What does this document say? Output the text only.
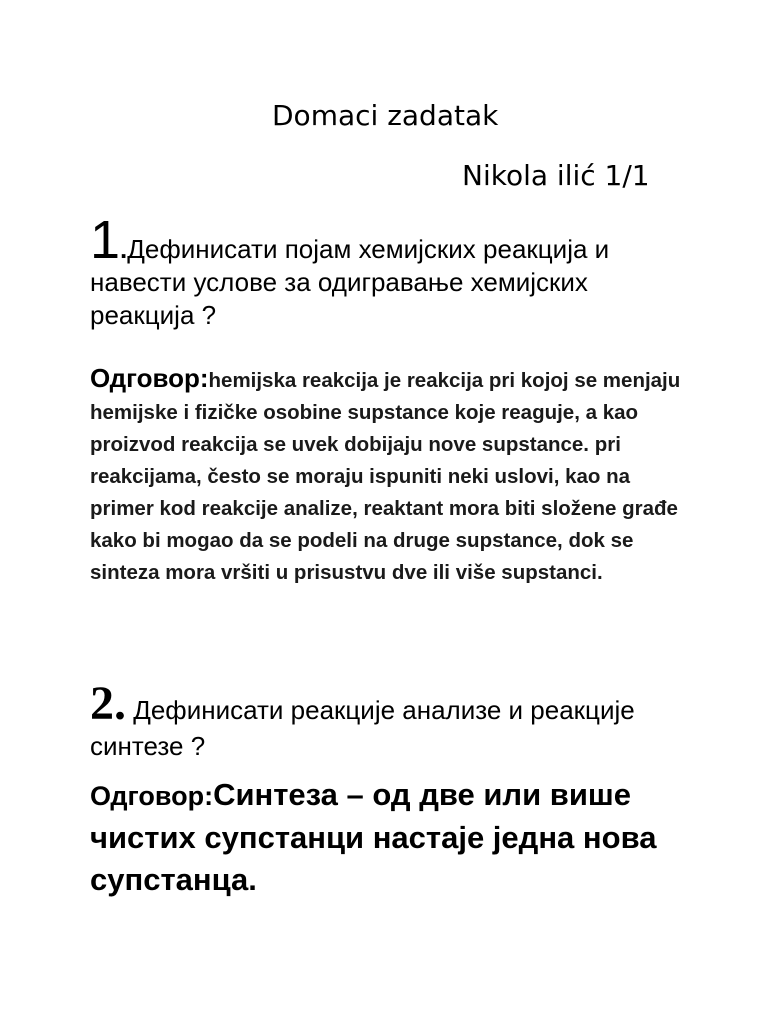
Domaci zadatak
Nikola ilić 1/1
1.Дефинисати појам хемијских реакција и навести услове за одигравање хемијских реакција ?
Одговор:hemijska reakcija je reakcija pri kojoj se menjaju hemijske i fizičke osobine supstance koje reaguje, a kao proizvod reakcija se uvek dobijaju nove supstance. pri reakcijama, često se moraju ispuniti neki uslovi, kao na primer kod reakcije analize, reaktant mora biti složene građe kako bi mogao da se podeli na druge supstance, dok se sinteza mora vršiti u prisustvu dve ili više supstanci.
2. Дефинисати реакције анализе и реакције синтезе ?
Одговор:Синтеза – од две или више чистих супстанци настаје једна нова супстанца.
